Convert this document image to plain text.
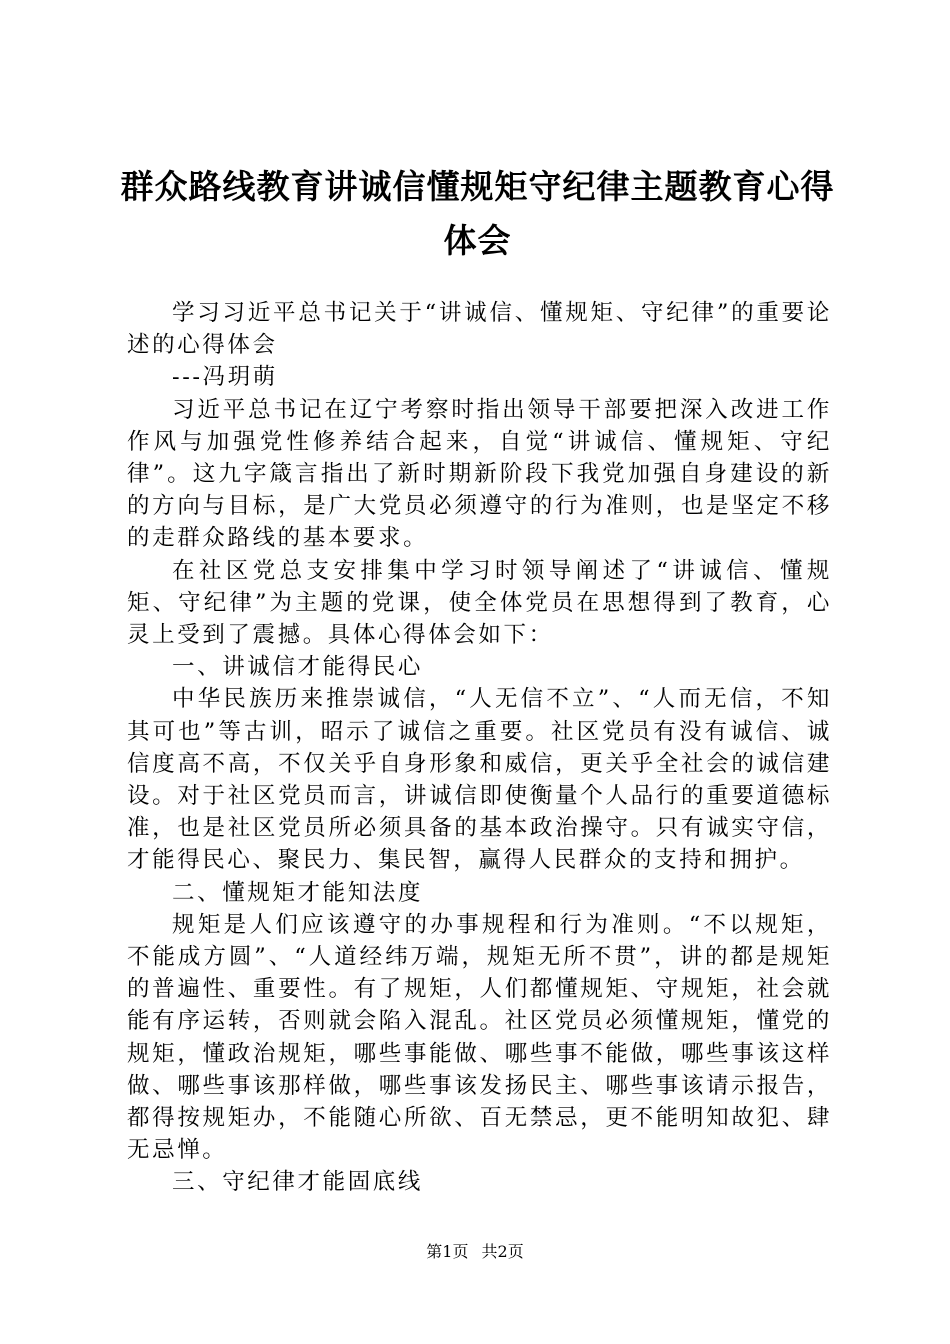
群众路线教育讲诚信懂规矩守纪律主题教育心得体会

学习习近平总书记关于“讲诚信、懂规矩、守纪律”的重要论述的心得体会

---冯玥萌

习近平总书记在辽宁考察时指出领导干部要把深入改进工作作风与加强党性修养结合起来，自觉“讲诚信、懂规矩、守纪律”。这九字箴言指出了新时期新阶段下我党加强自身建设的新的方向与目标，是广大党员必须遵守的行为准则，也是坚定不移的走群众路线的基本要求。

在社区党总支安排集中学习时领导阐述了“讲诚信、懂规矩、守纪律”为主题的党课，使全体党员在思想得到了教育，心灵上受到了震撼。具体心得体会如下：

一、讲诚信才能得民心

中华民族历来推崇诚信，“人无信不立”、“人而无信，不知其可也”等古训，昭示了诚信之重要。社区党员有没有诚信、诚信度高不高，不仅关乎自身形象和威信，更关乎全社会的诚信建设。对于社区党员而言，讲诚信即使衡量个人品行的重要道德标准，也是社区党员所必须具备的基本政治操守。只有诚实守信，才能得民心、聚民力、集民智，赢得人民群众的支持和拥护。

二、懂规矩才能知法度

规矩是人们应该遵守的办事规程和行为准则。“不以规矩，不能成方圆”、“人道经纬万端，规矩无所不贯”，讲的都是规矩的普遍性、重要性。有了规矩，人们都懂规矩、守规矩，社会就能有序运转，否则就会陷入混乱。社区党员必须懂规矩，懂党的规矩，懂政治规矩，哪些事能做、哪些事不能做，哪些事该这样做、哪些事该那样做，哪些事该发扬民主、哪些事该请示报告，都得按规矩办，不能随心所欲、百无禁忌，更不能明知故犯、肆无忌惮。

三、守纪律才能固底线

第1页 共2页
